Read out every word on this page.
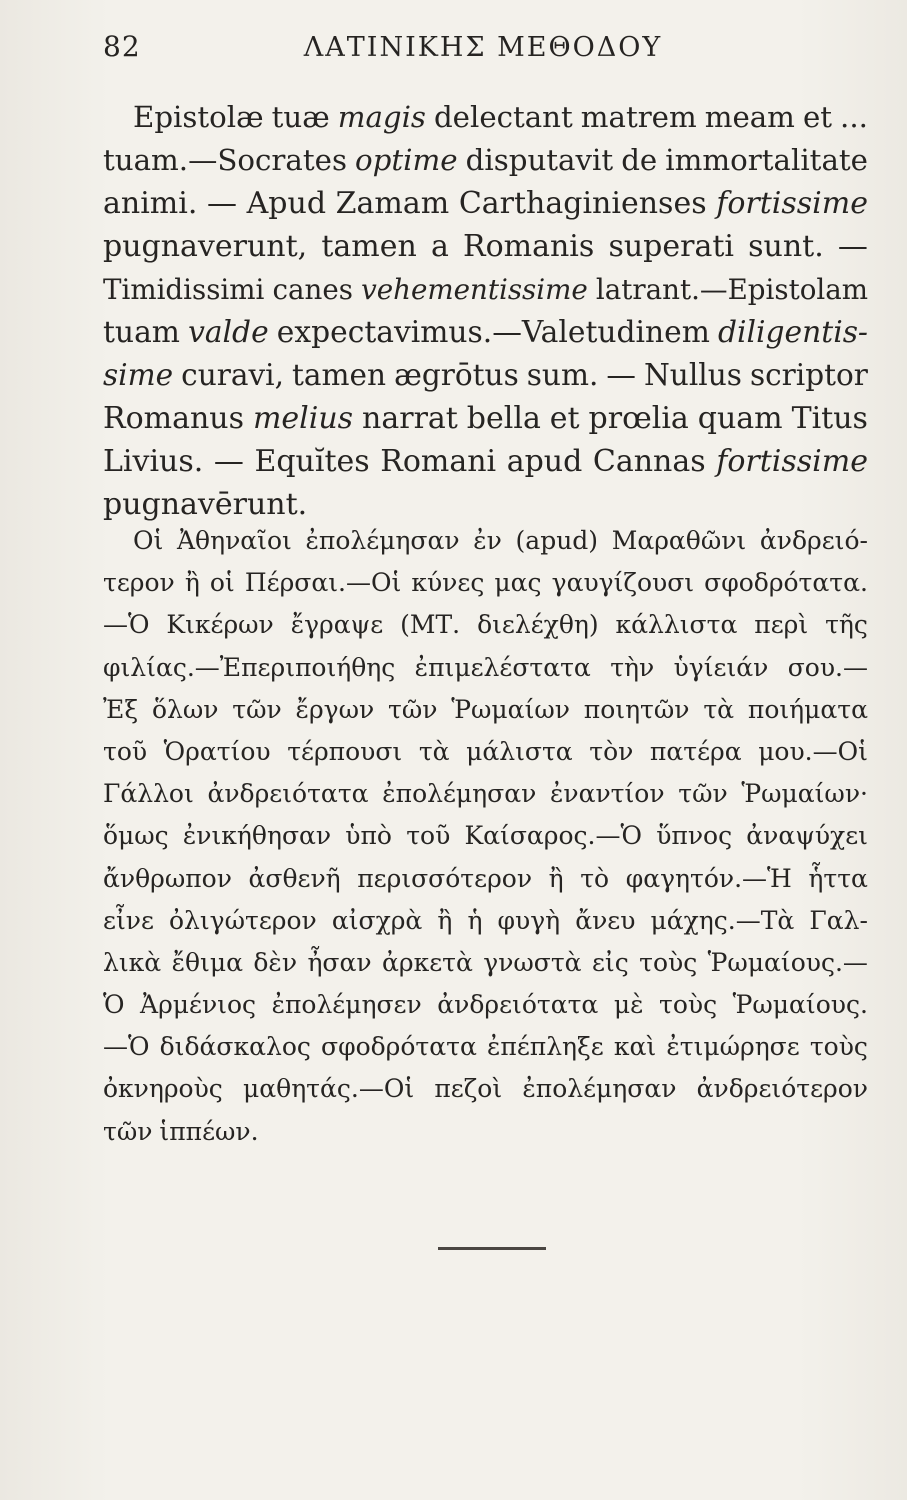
82	ΛΑΤΙΝΙΚΗΣ ΜΕΘΟΔΟΥ
Epistolæ tuæ magis delectant matrem meam et ...
tuam.—Socrates optime disputavit de immortalitate
animi. — Apud Zamam Carthaginienses fortissime
pugnaverunt, tamen a Romanis superati sunt. —
Timidissimi canes vehementissime latrant.—Epistolam
tuam valde expectavimus.—Valetudinem diligentis-
sime curavi, tamen ægrōtus sum. — Nullus scriptor
Romanus melius narrat bella et prœlia quam Titus
Livius. — Equĭtes Romani apud Cannas fortissime
pugnavērunt.
Οἱ Ἀθηναῖοι ἐπολέμησαν ἐν (apud) Μαραθῶνι ἀνδρειό-
τερον ἢ οἱ Πέρσαι.—Οἱ κύνες μας γαυγίζουσι σφοδρότατα.
—Ὁ Κικέρων ἔγραψε (ΜΤ. διελέχθη) κάλλιστα περὶ τῆς
φιλίας.—Ἐπεριποιήθης ἐπιμελέστατα τὴν ὑγίειάν σου.—
Ἐξ ὅλων τῶν ἔργων τῶν Ῥωμαίων ποιητῶν τὰ ποιήματα
τοῦ Ὁρατίου τέρπουσι τὰ μάλιστα τὸν πατέρα μου.—Οἱ
Γάλλοι ἀνδρειότατα ἐπολέμησαν ἐναντίον τῶν Ῥωμαίων·
ὅμως ἐνικήθησαν ὑπὸ τοῦ Καίσαρος.—Ὁ ὕπνος ἀναψύχει
ἄνθρωπον ἀσθενῆ περισσότερον ἢ τὸ φαγητόν.—Ἡ ἧττα
εἶνε ὀλιγώτερον αἰσχρὰ ἢ ἡ φυγὴ ἄνευ μάχης.—Τὰ Γαλ-
λικὰ ἔθιμα δὲν ἦσαν ἀρκετὰ γνωστὰ εἰς τοὺς Ῥωμαίους.—
Ὁ Ἀρμένιος ἐπολέμησεν ἀνδρειότατα μὲ τοὺς Ῥωμαίους.
—Ὁ διδάσκαλος σφοδρότατα ἐπέπληξε καὶ ἐτιμώρησε τοὺς
ὀκνηροὺς μαθητάς.—Οἱ πεζοὶ ἐπολέμησαν ἀνδρειότερον
τῶν ἱππέων.
